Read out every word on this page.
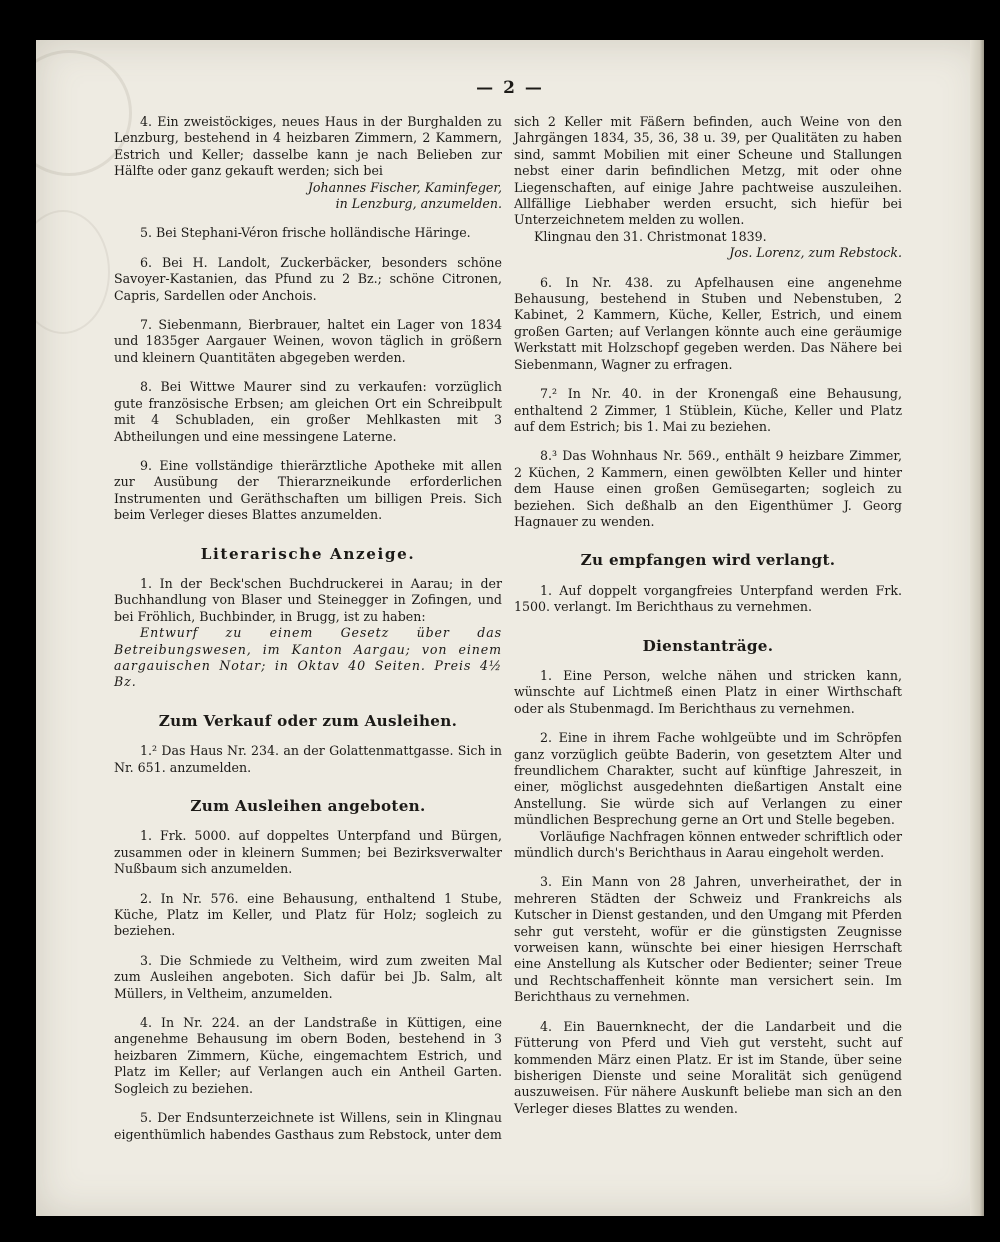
— 2 —

4. Ein zweistöckiges, neues Haus in der Burghalden zu Lenzburg, bestehend in 4 heizbaren Zimmern, 2 Kammern, Estrich und Keller; dasselbe kann je nach Belieben zur Hälfte oder ganz gekauft werden; sich bei
Johannes Fischer, Kaminfeger,
in Lenzburg, anzumelden.

5. Bei Stephani-Véron frische holländische Häringe.

6. Bei H. Landolt, Zuckerbäcker, besonders schöne Savoyer-Kastanien, das Pfund zu 2 Bz.; schöne Citronen, Capris, Sardellen oder Anchois.

7. Siebenmann, Bierbrauer, haltet ein Lager von 1834 und 1835ger Aargauer Weinen, wovon täglich in größern und kleinern Quantitäten abgegeben werden.

8. Bei Wittwe Maurer sind zu verkaufen: vorzüglich gute französische Erbsen; am gleichen Ort ein Schreibpult mit 4 Schubladen, ein großer Mehlkasten mit 3 Abtheilungen und eine messingene Laterne.

9. Eine vollständige thierärztliche Apotheke mit allen zur Ausübung der Thierarzneikunde erforderlichen Instrumenten und Geräthschaften um billigen Preis. Sich beim Verleger dieses Blattes anzumelden.

Literarische Anzeige.

1. In der Beck'schen Buchdruckerei in Aarau; in der Buchhandlung von Blaser und Steinegger in Zofingen, und bei Fröhlich, Buchbinder, in Brugg, ist zu haben:

Entwurf zu einem Gesetz über das Betreibungswesen, im Kanton Aargau; von einem aargauischen Notar; in Oktav 40 Seiten. Preis 4½ Bz.

Zum Verkauf oder zum Ausleihen.

1.² Das Haus Nr. 234. an der Golattenmattgasse. Sich in Nr. 651. anzumelden.

Zum Ausleihen angeboten.

1. Frk. 5000. auf doppeltes Unterpfand und Bürgen, zusammen oder in kleinern Summen; bei Bezirksverwalter Nußbaum sich anzumelden.

2. In Nr. 576. eine Behausung, enthaltend 1 Stube, Küche, Platz im Keller, und Platz für Holz; sogleich zu beziehen.

3. Die Schmiede zu Veltheim, wird zum zweiten Mal zum Ausleihen angeboten. Sich dafür bei Jb. Salm, alt Müllers, in Veltheim, anzumelden.

4. In Nr. 224. an der Landstraße in Küttigen, eine angenehme Behausung im obern Boden, bestehend in 3 heizbaren Zimmern, Küche, eingemachtem Estrich, und Platz im Keller; auf Verlangen auch ein Antheil Garten. Sogleich zu beziehen.

5. Der Endsunterzeichnete ist Willens, sein in Klingnau eigenthümlich habendes Gasthaus zum Rebstock, unter dem

sich 2 Keller mit Fäßern befinden, auch Weine von den Jahrgängen 1834, 35, 36, 38 u. 39, per Qualitäten zu haben sind, sammt Mobilien mit einer Scheune und Stallungen nebst einer darin befindlichen Metzg, mit oder ohne Liegenschaften, auf einige Jahre pachtweise auszuleihen. Allfällige Liebhaber werden ersucht, sich hiefür bei Unterzeichnetem melden zu wollen.
Klingnau den 31. Christmonat 1839.
Jos. Lorenz, zum Rebstock.

6. In Nr. 438. zu Apfelhausen eine angenehme Behausung, bestehend in Stuben und Nebenstuben, 2 Kabinet, 2 Kammern, Küche, Keller, Estrich, und einem großen Garten; auf Verlangen könnte auch eine geräumige Werkstatt mit Holzschopf gegeben werden. Das Nähere bei Siebenmann, Wagner zu erfragen.

7.² In Nr. 40. in der Kronengaß eine Behausung, enthaltend 2 Zimmer, 1 Stüblein, Küche, Keller und Platz auf dem Estrich; bis 1. Mai zu beziehen.

8.³ Das Wohnhaus Nr. 569., enthält 9 heizbare Zimmer, 2 Küchen, 2 Kammern, einen gewölbten Keller und hinter dem Hause einen großen Gemüsegarten; sogleich zu beziehen. Sich deßhalb an den Eigenthümer J. Georg Hagnauer zu wenden.

Zu empfangen wird verlangt.

1. Auf doppelt vorgangfreies Unterpfand werden Frk. 1500. verlangt. Im Berichthaus zu vernehmen.

Dienstanträge.

1. Eine Person, welche nähen und stricken kann, wünschte auf Lichtmeß einen Platz in einer Wirthschaft oder als Stubenmagd. Im Berichthaus zu vernehmen.

2. Eine in ihrem Fache wohlgeübte und im Schröpfen ganz vorzüglich geübte Baderin, von gesetztem Alter und freundlichem Charakter, sucht auf künftige Jahreszeit, in einer, möglichst ausgedehnten dießartigen Anstalt eine Anstellung. Sie würde sich auf Verlangen zu einer mündlichen Besprechung gerne an Ort und Stelle begeben.

Vorläufige Nachfragen können entweder schriftlich oder mündlich durch's Berichthaus in Aarau eingeholt werden.

3. Ein Mann von 28 Jahren, unverheirathet, der in mehreren Städten der Schweiz und Frankreichs als Kutscher in Dienst gestanden, und den Umgang mit Pferden sehr gut versteht, wofür er die günstigsten Zeugnisse vorweisen kann, wünschte bei einer hiesigen Herrschaft eine Anstellung als Kutscher oder Bedienter; seiner Treue und Rechtschaffenheit könnte man versichert sein. Im Berichthaus zu vernehmen.

4. Ein Bauernknecht, der die Landarbeit und die Fütterung von Pferd und Vieh gut versteht, sucht auf kommenden März einen Platz. Er ist im Stande, über seine bisherigen Dienste und seine Moralität sich genügend auszuweisen. Für nähere Auskunft beliebe man sich an den Verleger dieses Blattes zu wenden.
